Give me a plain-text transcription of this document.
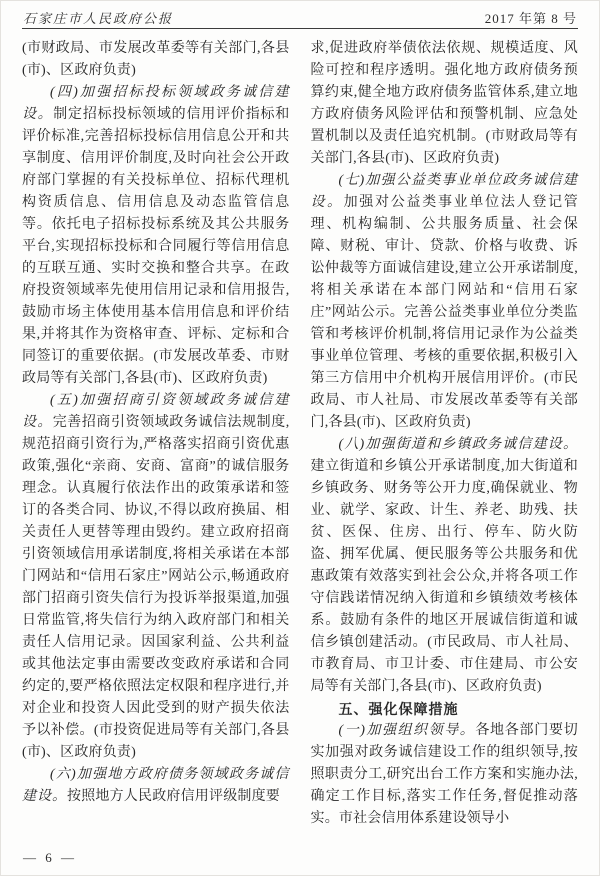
石家庄市人民政府公报	2017 年第 8 号

(市财政局、市发展改革委等有关部门,各县(市)、区政府负责)

(四)加强招标投标领域政务诚信建设。制定招标投标领域的信用评价指标和评价标准,完善招标投标信用信息公开和共享制度、信用评价制度,及时向社会公开政府部门掌握的有关投标单位、招标代理机构资质信息、信用信息及动态监管信息等。依托电子招标投标系统及其公共服务平台,实现招标投标和合同履行等信用信息的互联互通、实时交换和整合共享。在政府投资领域率先使用信用记录和信用报告,鼓励市场主体使用基本信用信息和评价结果,并将其作为资格审查、评标、定标和合同签订的重要依据。(市发展改革委、市财政局等有关部门,各县(市)、区政府负责)

(五)加强招商引资领域政务诚信建设。完善招商引资领域政务诚信法规制度,规范招商引资行为,严格落实招商引资优惠政策,强化“亲商、安商、富商”的诚信服务理念。认真履行依法作出的政策承诺和签订的各类合同、协议,不得以政府换届、相关责任人更替等理由毁约。建立政府招商引资领域信用承诺制度,将相关承诺在本部门网站和“信用石家庄”网站公示,畅通政府部门招商引资失信行为投诉举报渠道,加强日常监管,将失信行为纳入政府部门和相关责任人信用记录。因国家利益、公共利益或其他法定事由需要改变政府承诺和合同约定的,要严格依照法定权限和程序进行,并对企业和投资人因此受到的财产损失依法予以补偿。(市投资促进局等有关部门,各县(市)、区政府负责)

(六)加强地方政府债务领域政务诚信建设。按照地方人民政府信用评级制度要

求,促进政府举债依法依规、规模适度、风险可控和程序透明。强化地方政府债务预算约束,健全地方政府债务监管体系,建立地方政府债务风险评估和预警机制、应急处置机制以及责任追究机制。(市财政局等有关部门,各县(市)、区政府负责)

(七)加强公益类事业单位政务诚信建设。加强对公益类事业单位法人登记管理、机构编制、公共服务质量、社会保障、财税、审计、贷款、价格与收费、诉讼仲裁等方面诚信建设,建立公开承诺制度,将相关承诺在本部门网站和“信用石家庄”网站公示。完善公益类事业单位分类监管和考核评价机制,将信用记录作为公益类事业单位管理、考核的重要依据,积极引入第三方信用中介机构开展信用评价。(市民政局、市人社局、市发展改革委等有关部门,各县(市)、区政府负责)

(八)加强街道和乡镇政务诚信建设。建立街道和乡镇公开承诺制度,加大街道和乡镇政务、财务等公开力度,确保就业、物业、就学、家政、计生、养老、助残、扶贫、医保、住房、出行、停车、防火防盗、拥军优属、便民服务等公共服务和优惠政策有效落实到社会公众,并将各项工作守信践诺情况纳入街道和乡镇绩效考核体系。鼓励有条件的地区开展诚信街道和诚信乡镇创建活动。(市民政局、市人社局、市教育局、市卫计委、市住建局、市公安局等有关部门,各县(市)、区政府负责)

五、强化保障措施

(一)加强组织领导。各地各部门要切实加强对政务诚信建设工作的组织领导,按照职责分工,研究出台工作方案和实施办法,确定工作目标,落实工作任务,督促推动落实。市社会信用体系建设领导小

— 6 —
